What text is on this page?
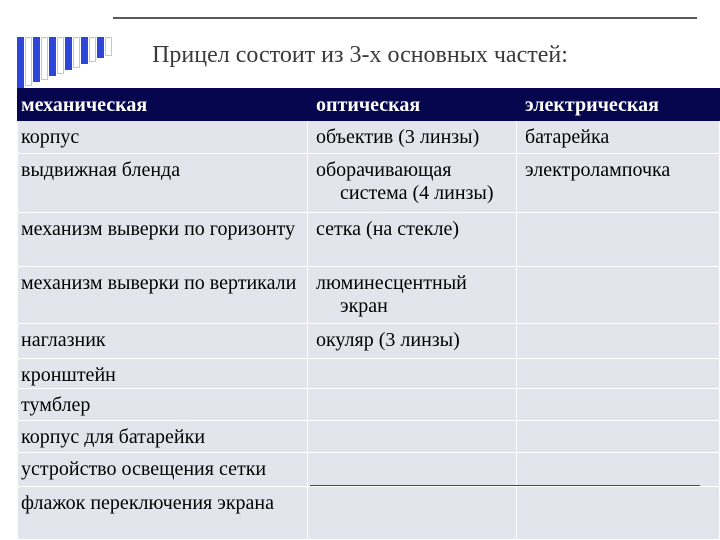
Прицел состоит из 3-х основных частей:
механическая	оптическая	электрическая
корпус	объектив (3 линзы)	батарейка
выдвижная бленда	оборачивающая система (4 линзы)	электролампочка
механизм выверки по горизонту	сетка (на стекле)	
механизм выверки по вертикали	люминесцентный экран	
наглазник	окуляр (3 линзы)	
кронштейн		
тумблер		
корпус для батарейки		
устройство освещения сетки		
флажок переключения экрана		
